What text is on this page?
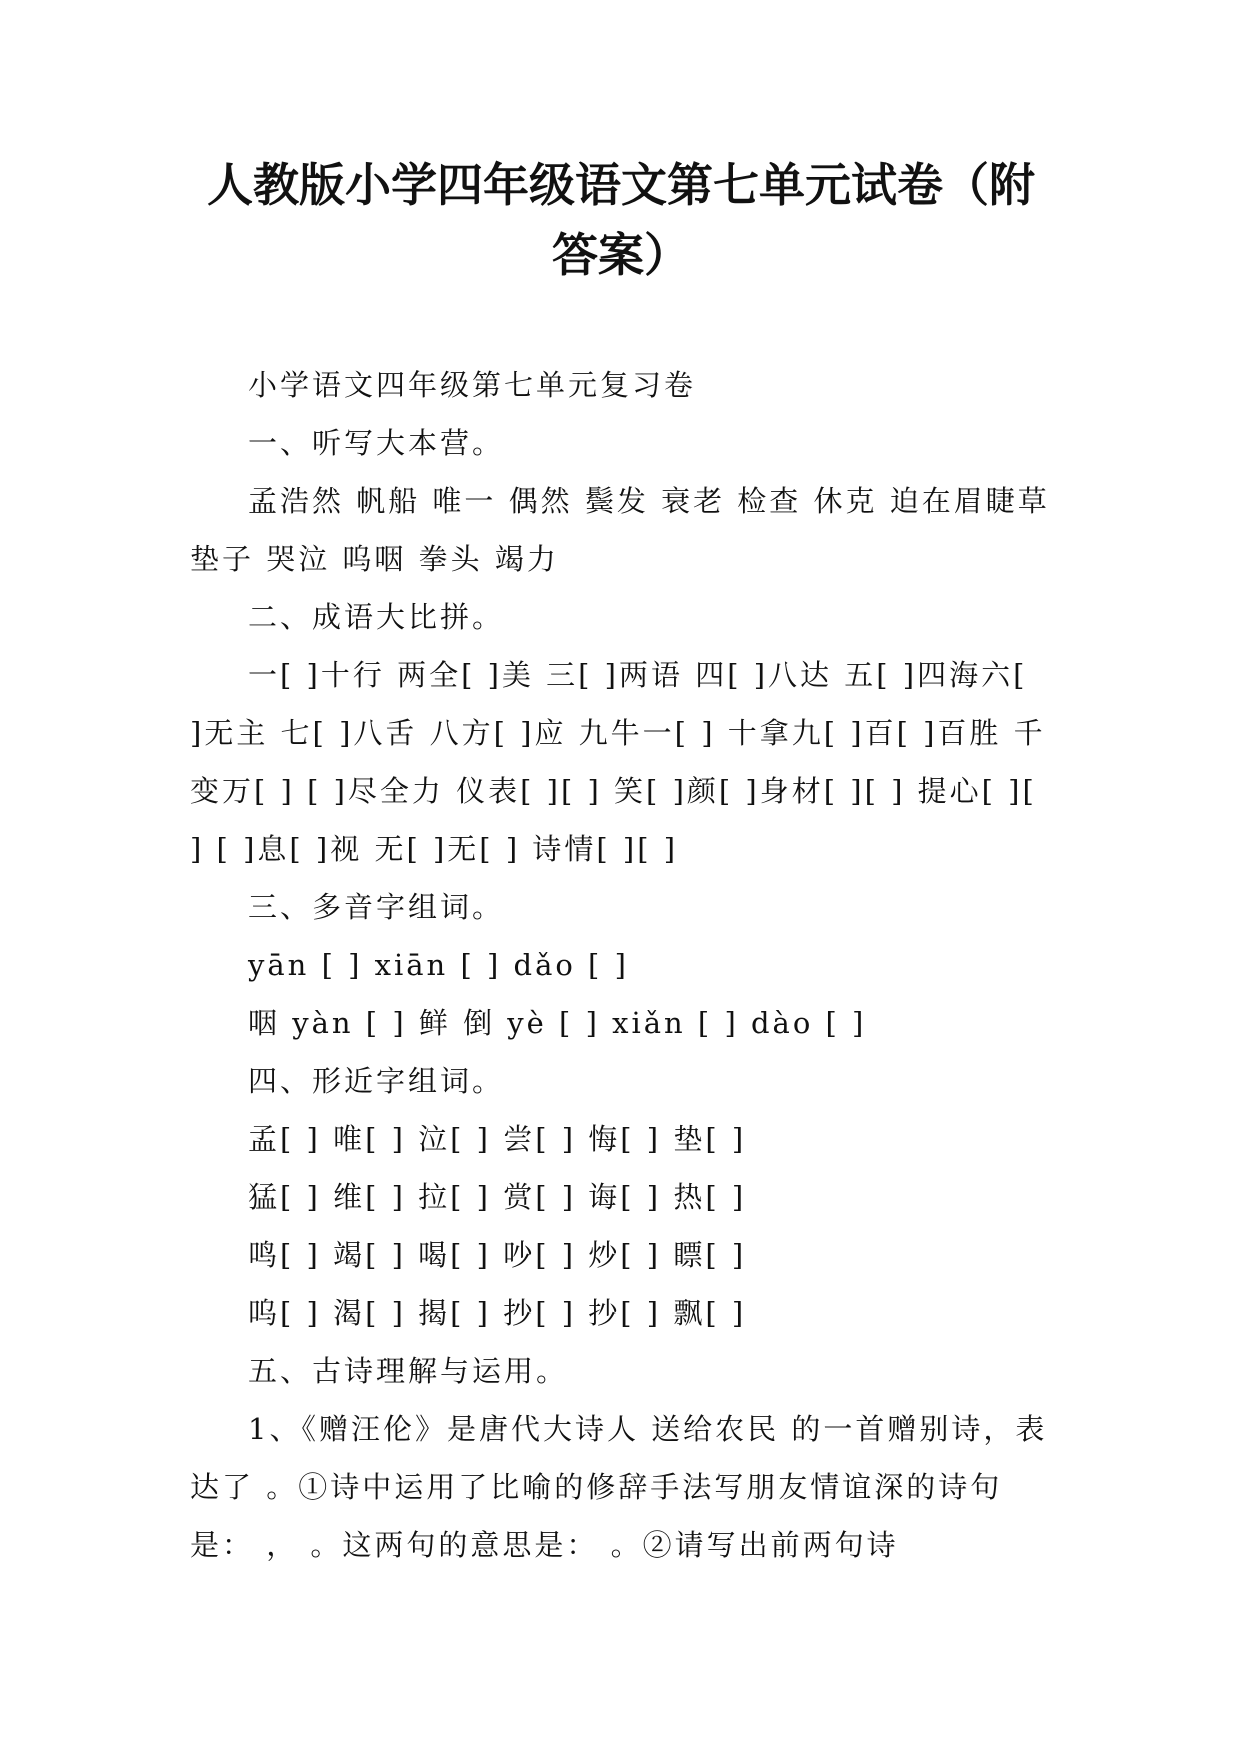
人教版小学四年级语文第七单元试卷（附答案）

小学语文四年级第七单元复习卷

一、听写大本营。

孟浩然 帆船 唯一 偶然 鬓发 衰老 检查 休克 迫在眉睫草垫子 哭泣 呜咽 拳头 竭力

二、成语大比拼。

一[ ]十行 两全[ ]美 三[ ]两语 四[ ]八达 五[ ]四海六[ ]无主 七[ ]八舌 八方[ ]应 九牛一[ ] 十拿九[ ]百[ ]百胜 千变万[ ] [ ]尽全力 仪表[ ][ ] 笑[ ]颜[ ]身材[ ][ ] 提心[ ][ ] [ ]息[ ]视 无[ ]无[ ] 诗情[ ][ ]

三、多音字组词。

yān [ ] xiān [ ] dǎo [ ]

咽 yàn [ ] 鲜 倒 yè [ ] xiǎn [ ] dào [ ]

四、形近字组词。

孟[ ] 唯[ ] 泣[ ] 尝[ ] 悔[ ] 垫[ ]

猛[ ] 维[ ] 拉[ ] 赏[ ] 诲[ ] 热[ ]

鸣[ ] 竭[ ] 喝[ ] 吵[ ] 炒[ ] 瞟[ ]

呜[ ] 渴[ ] 揭[ ] 抄[ ] 抄[ ] 飘[ ]

五、古诗理解与运用。

1、《赠汪伦》是唐代大诗人 送给农民 的一首赠别诗，表达了 。①诗中运用了比喻的修辞手法写朋友情谊深的诗句是： ， 。这两句的意思是： 。②请写出前两句诗
